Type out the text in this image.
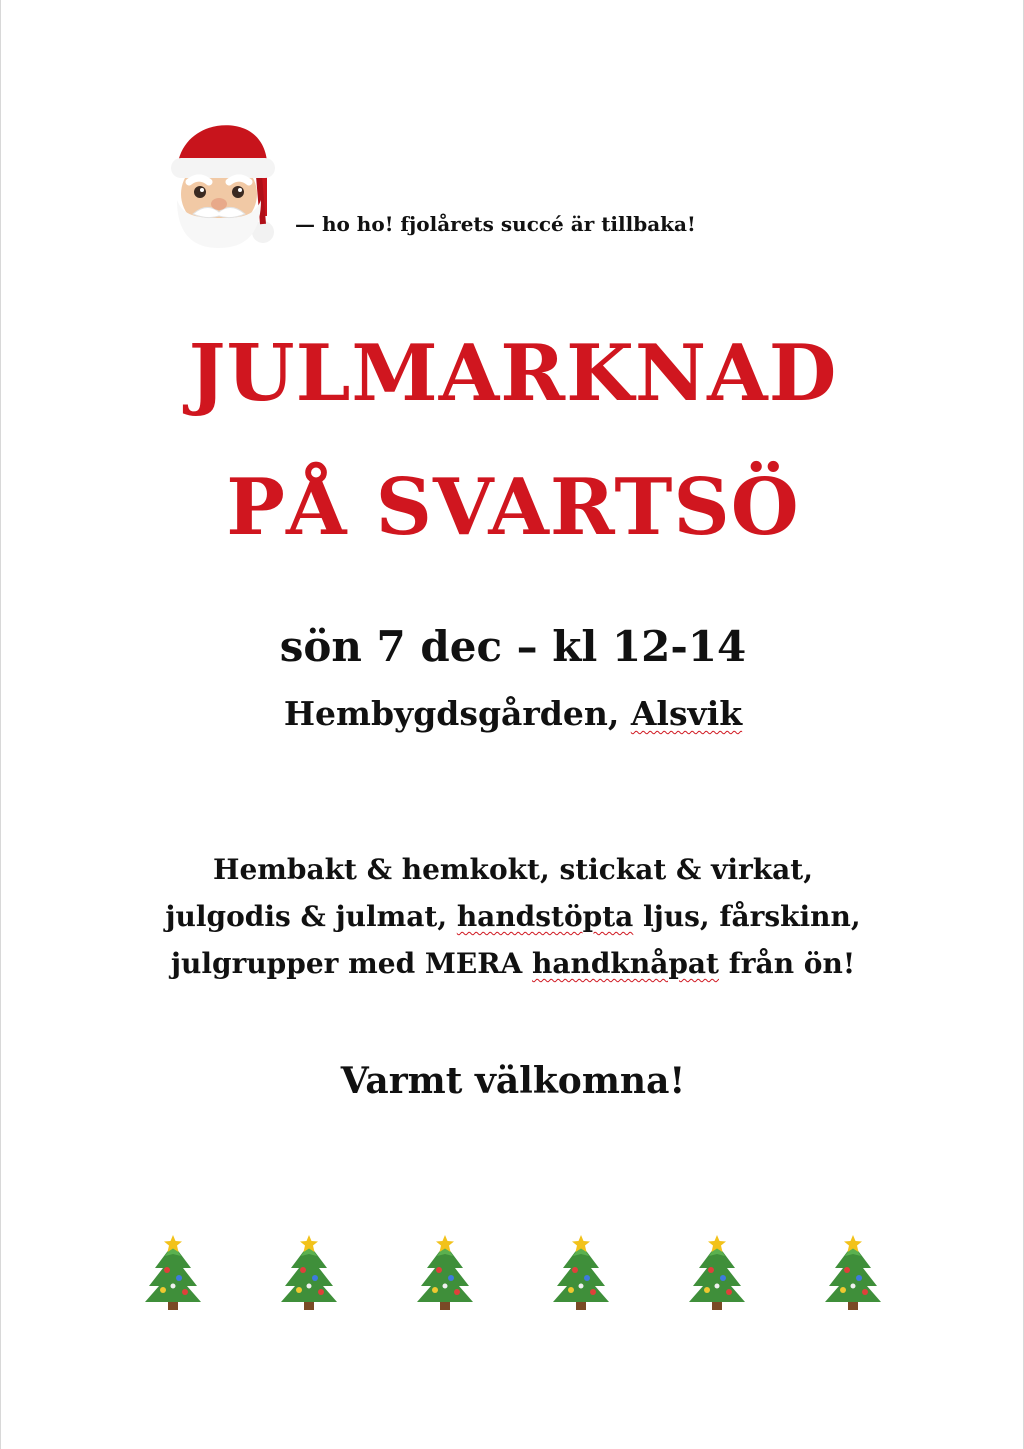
— ho ho! fjolårets succé är tillbaka!
JULMARKNAD
PÅ SVARTSÖ
sön 7 dec – kl 12-14
Hembygdsgården, Alsvik
Hembakt & hemkokt, stickat & virkat,
julgodis & julmat, handstöpta ljus, fårskinn,
julgrupper med MERA handknåpat från ön!
Varmt välkomna!
